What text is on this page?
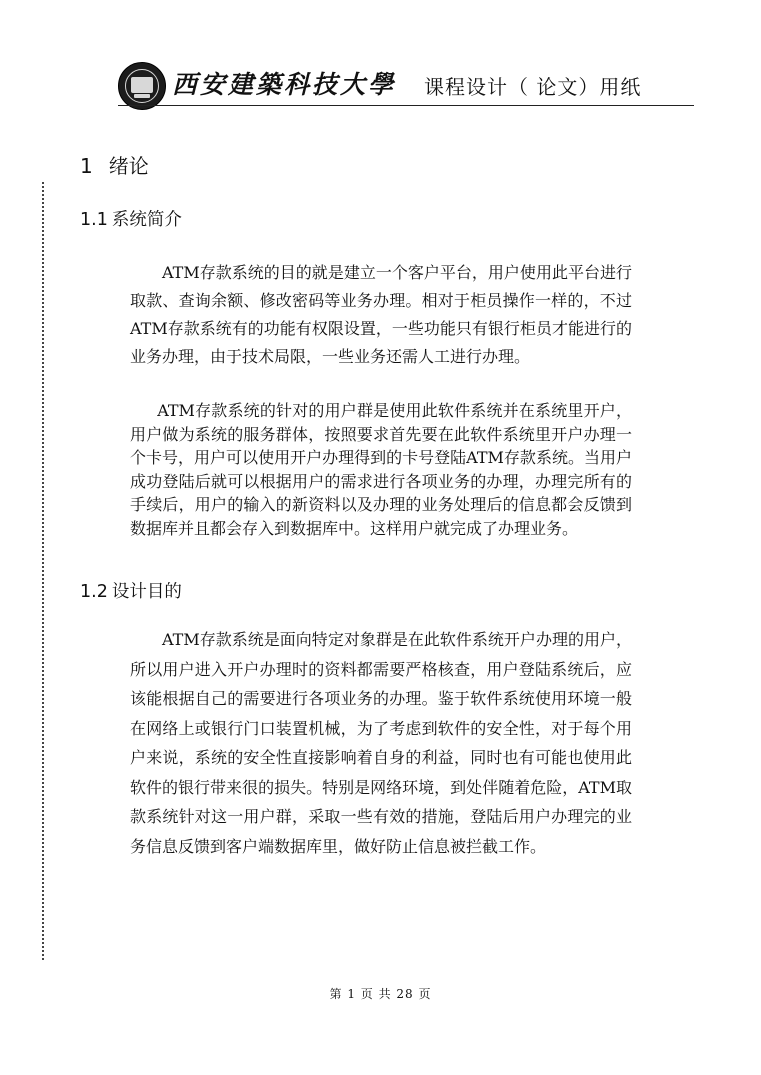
西安建築科技大學 课程设计（ 论文）用纸
1 绪论
1.1 系统简介

ATM存款系统的目的就是建立一个客户平台，用户使用此平台进行取款、查询余额、修改密码等业务办理。相对于柜员操作一样的，不过ATM存款系统有的功能有权限设置，一些功能只有银行柜员才能进行的业务办理，由于技术局限，一些业务还需人工进行办理。

ATM存款系统的针对的用户群是使用此软件系统并在系统里开户，用户做为系统的服务群体，按照要求首先要在此软件系统里开户办理一个卡号，用户可以使用开户办理得到的卡号登陆ATM存款系统。当用户成功登陆后就可以根据用户的需求进行各项业务的办理，办理完所有的手续后，用户的输入的新资料以及办理的业务处理后的信息都会反馈到数据库并且都会存入到数据库中。这样用户就完成了办理业务。

1.2 设计目的

ATM存款系统是面向特定对象群是在此软件系统开户办理的用户，所以用户进入开户办理时的资料都需要严格核查，用户登陆系统后，应该能根据自己的需要进行各项业务的办理。鉴于软件系统使用环境一般在网络上或银行门口装置机械，为了考虑到软件的安全性，对于每个用户来说，系统的安全性直接影响着自身的利益，同时也有可能也使用此软件的银行带来很的损失。特别是网络环境，到处伴随着危险，ATM取款系统针对这一用户群，采取一些有效的措施，登陆后用户办理完的业务信息反馈到客户端数据库里，做好防止信息被拦截工作。

第 1 页 共 28 页
